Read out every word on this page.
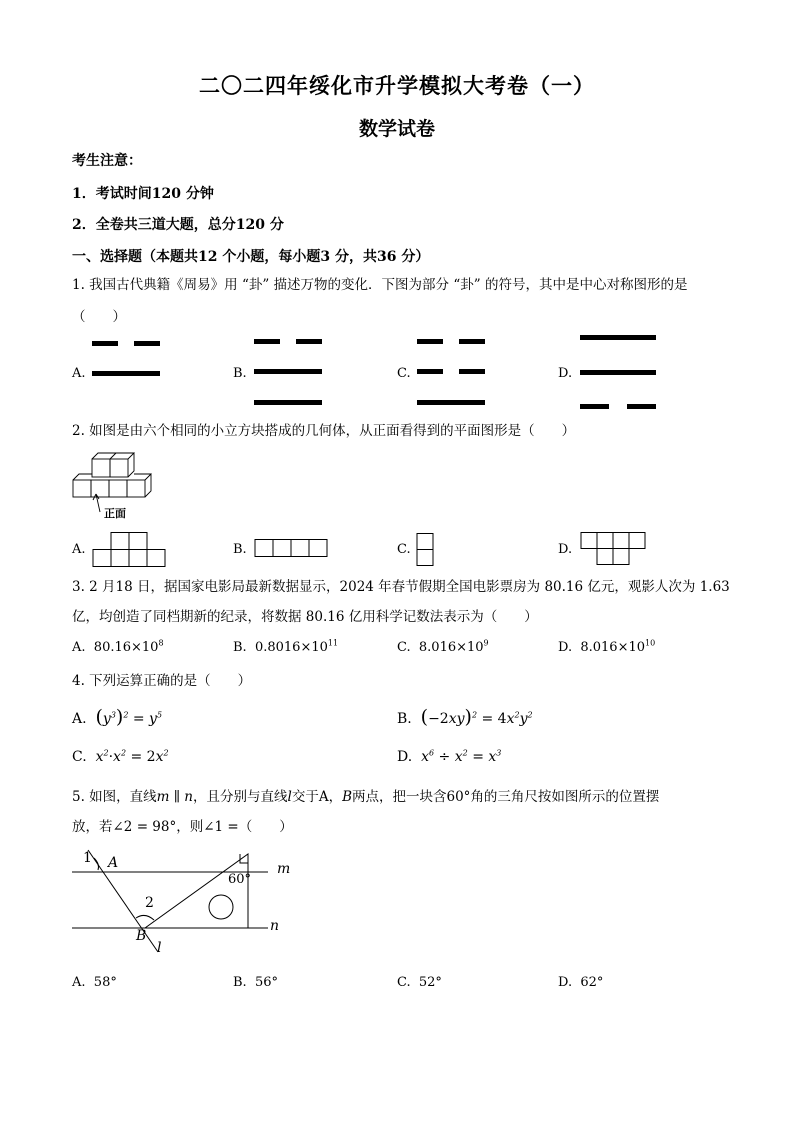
二〇二四年绥化市升学模拟大考卷（一）
数学试卷
考生注意：
1．考试时间120 分钟
2．全卷共三道大题，总分120 分
一、选择题（本题共12 个小题，每小题3 分，共36 分）
1. 我国古代典籍《周易》用 “卦” 描述万物的变化．下图为部分 “卦” 的符号，其中是中心对称图形的是
（　　）
A.	B.	C.	D.
2. 如图是由六个相同的小立方块搭成的几何体，从正面看得到的平面图形是（　　）
正面
A.	B.	C.	D.
3. 2 月18 日，据国家电影局最新数据显示，2024 年春节假期全国电影票房为 80.16 亿元，观影人次为 1.63
亿，均创造了同档期新的纪录，将数据 80.16 亿用科学记数法表示为（　　）
A. $80.16\times 10^8$	B. $0.8016\times 10^{11}$	C. $8.016\times 10^9$	D. $8.016\times 10^{10}$
4. 下列运算正确的是（　　）
A. $(y^3)^2 = y^5$	B. $(-2xy)^2 = 4x^2y^2$
C. $x^2\cdot x^2 = 2x^2$	D. $x^6 \div x^2 = x^3$
5. 如图，直线m ∥ n，且分别与直线l交于A，B两点，把一块含60°角的三角尺按如图所示的位置摆
放，若∠2 = 98°，则∠1 =（　　）
1 A
2
B
l
m
n
60°
A. 58°	B. 56°	C. 52°	D. 62°
